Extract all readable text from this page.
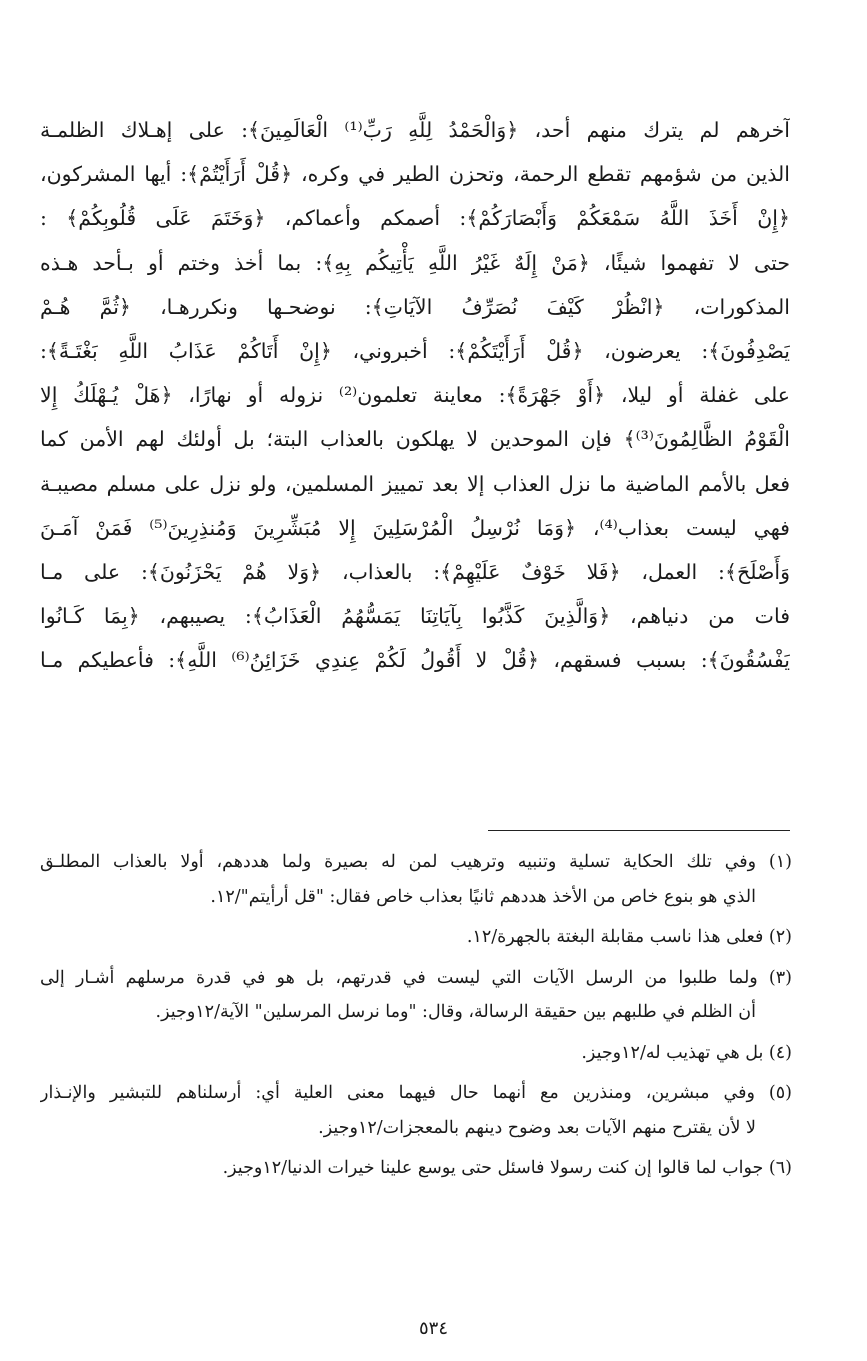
آخرهم لم يترك منهم أحد، ﴿وَالْحَمْدُ لِلَّهِ رَبِّ⁽¹⁾ الْعَالَمِينَ﴾: على إهـلاك الظلمـة
الذين من شؤمهم تقطع الرحمة، وتحزن الطير في وكره، ﴿قُلْ أَرَأَيْتُمْ﴾: أيها المشركون،
﴿إِنْ أَخَذَ اللَّهُ سَمْعَكُمْ وَأَبْصَارَكُمْ﴾: أصمكم وأعماكم، ﴿وَخَتَمَ عَلَى قُلُوبِكُمْ﴾ :
حتى لا تفهموا شيئًا، ﴿مَنْ إِلَهٌ غَيْرُ اللَّهِ يَأْتِيكُم بِهِ﴾: بما أخذ وختم أو بـأحد هـذه
المذكورات، ﴿انْظُرْ كَيْفَ نُصَرِّفُ الآيَاتِ﴾: نوضحـها ونكررهـا، ﴿ثُمَّ هُـمْ
يَصْدِفُونَ﴾: يعرضون، ﴿قُلْ أَرَأَيْتَكُمْ﴾: أخبروني، ﴿إِنْ أَتَاكُمْ عَذَابُ اللَّهِ بَغْتَـةً﴾:
على غفلة أو ليلا، ﴿أَوْ جَهْرَةً﴾: معاينة تعلمون⁽²⁾ نزوله أو نهارًا، ﴿هَلْ يُـهْلَكُ إِلا
الْقَوْمُ الظَّالِمُونَ⁽³⁾﴾ فإن الموحدين لا يهلكون بالعذاب البتة؛ بل أولئك لهم الأمن كما
فعل بالأمم الماضية ما نزل العذاب إلا بعد تمييز المسلمين، ولو نزل على مسلم مصيبـة
فهي ليست بعذاب⁽⁴⁾، ﴿وَمَا نُرْسِلُ الْمُرْسَلِينَ إِلا مُبَشِّرِينَ وَمُنذِرِينَ⁽⁵⁾ فَمَنْ آمَـنَ
وَأَصْلَحَ﴾: العمل، ﴿فَلا خَوْفٌ عَلَيْهِمْ﴾: بالعذاب، ﴿وَلا هُمْ يَحْزَنُونَ﴾: على مـا
فات من دنياهم، ﴿وَالَّذِينَ كَذَّبُوا بِآيَاتِنَا يَمَسُّهُمُ الْعَذَابُ﴾: يصيبهم، ﴿بِمَا كَـانُوا
يَفْسُقُونَ﴾: بسبب فسقهم، ﴿قُلْ لا أَقُولُ لَكُمْ عِندِي خَزَائِنُ⁽⁶⁾ اللَّهِ﴾: فأعطيكم مـا
(١) وفي تلك الحكاية تسلية وتنبيه وترهيب لمن له بصيرة ولما هددهم، أولا بالعذاب المطلـق
الذي هو بنوع خاص من الأخذ هددهم ثانيًا بعذاب خاص فقال: "قل أرأيتم"/١٢.
(٢) فعلى هذا ناسب مقابلة البغتة بالجهرة/١٢.
(٣) ولما طلبوا من الرسل الآيات التي ليست في قدرتهم، بل هو في قدرة مرسلهم أشـار إلى
أن الظلم في طلبهم بين حقيقة الرسالة، وقال: "وما نرسل المرسلين" الآية/١٢وجيز.
(٤) بل هي تهذيب له/١٢وجيز.
(٥) وفي مبشرين، ومنذرين مع أنهما حال فيهما معنى العلية أي: أرسلناهم للتبشير والإنـذار
لا لأن يقترح منهم الآيات بعد وضوح دينهم بالمعجزات/١٢وجيز.
(٦) جواب لما قالوا إن كنت رسولا فاسئل حتى يوسع علينا خيرات الدنيا/١٢وجيز.
٥٣٤
